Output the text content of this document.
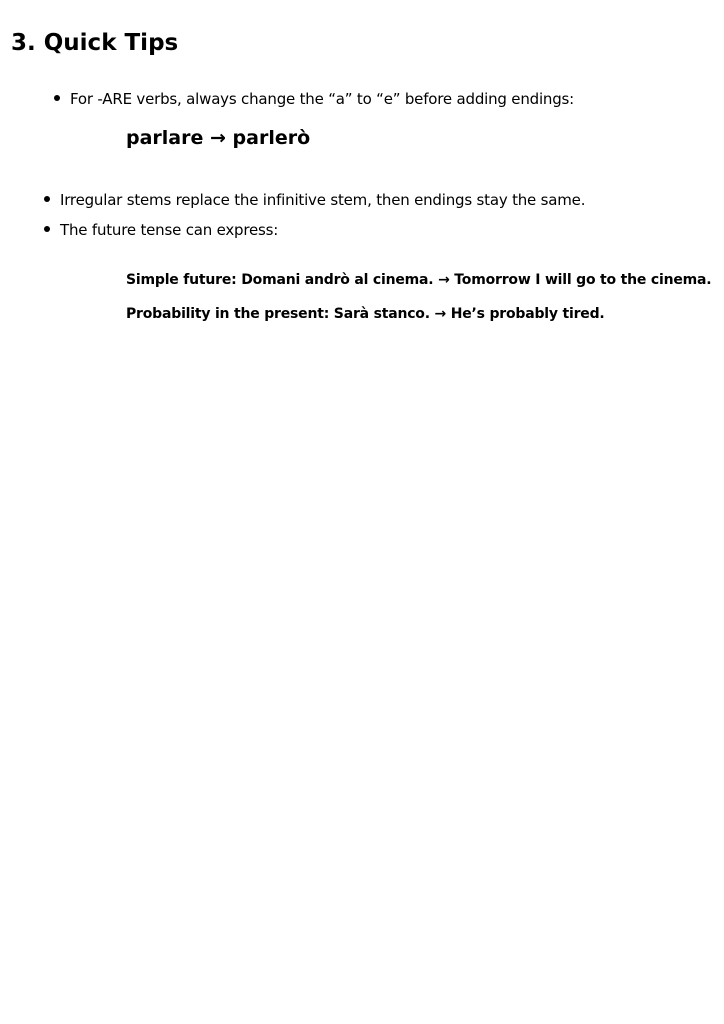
3. Quick Tips
For -ARE verbs, always change the “a” to “e” before adding endings:
parlare → parlerò
Irregular stems replace the infinitive stem, then endings stay the same.
The future tense can express:
Simple future: Domani andrò al cinema. → Tomorrow I will go to the cinema.
Probability in the present: Sarà stanco. → He’s probably tired.
